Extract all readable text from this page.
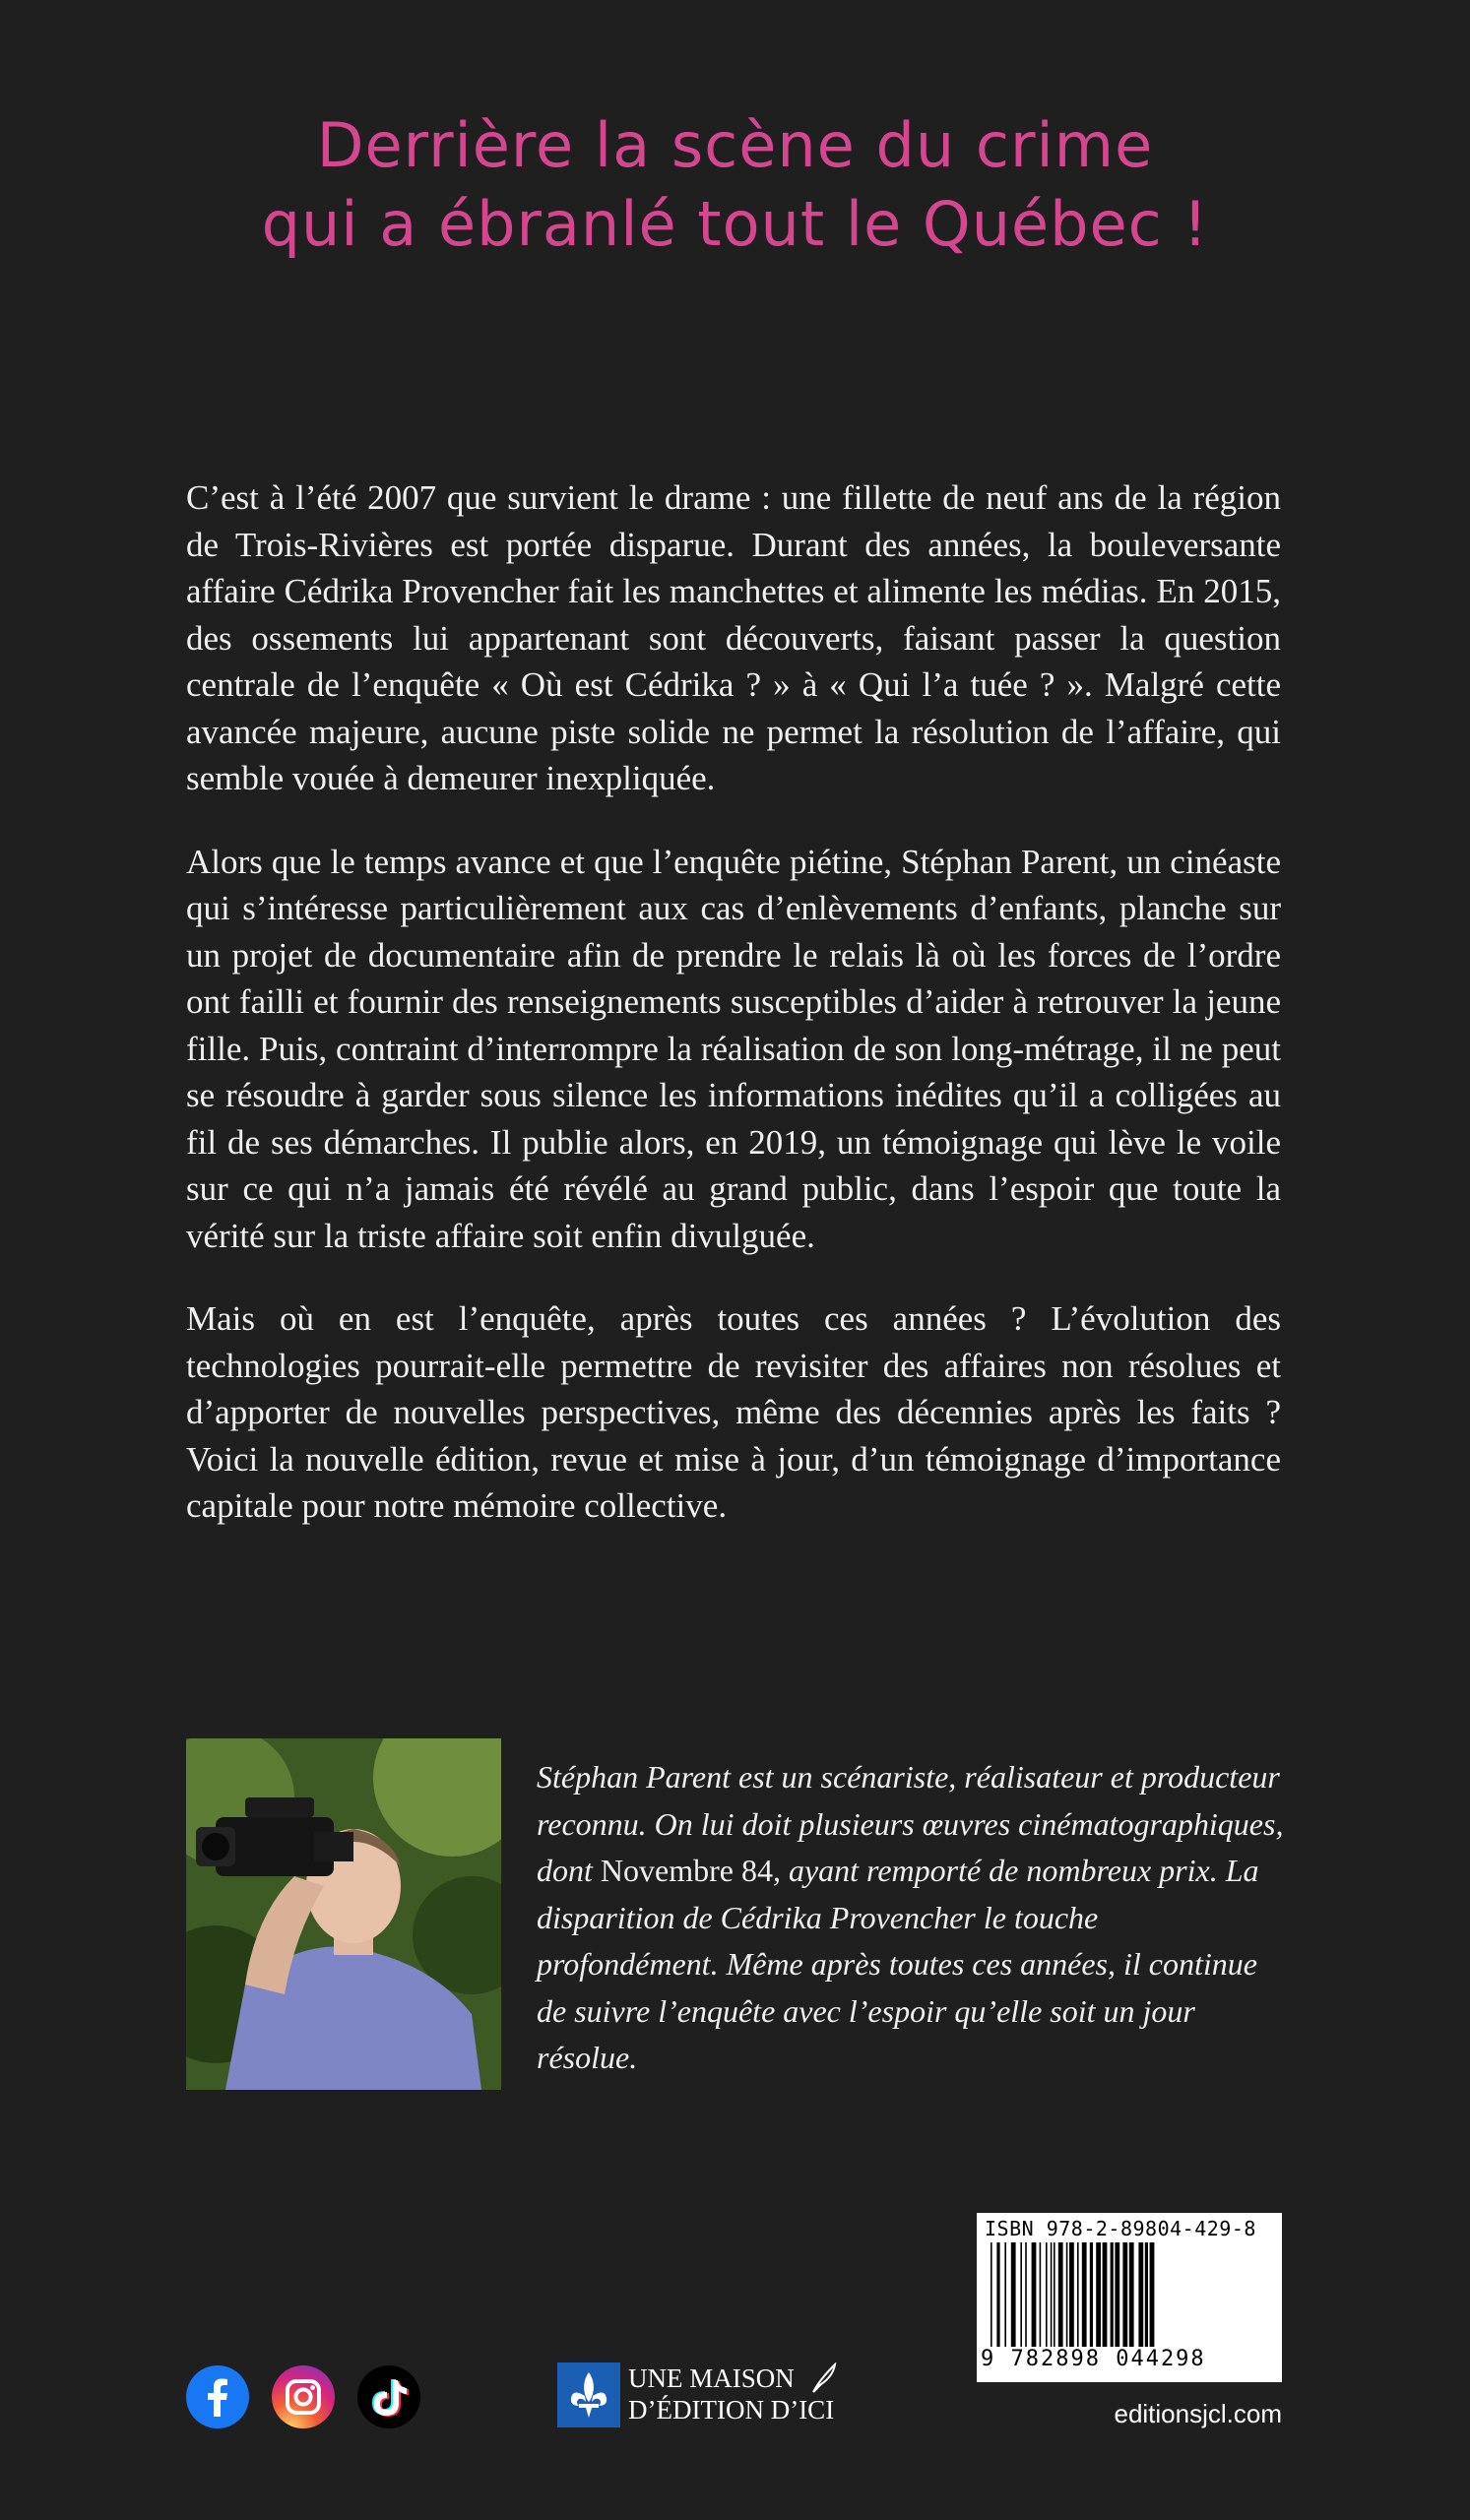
Derrière la scène du crime
qui a ébranlé tout le Québec !

C’est à l’été 2007 que survient le drame : une fillette de neuf ans de la région de Trois-Rivières est portée disparue. Durant des années, la bouleversante affaire Cédrika Provencher fait les manchettes et alimente les médias. En 2015, des ossements lui appartenant sont découverts, faisant passer la question centrale de l’enquête « Où est Cédrika ? » à « Qui l’a tuée ? ». Malgré cette avancée majeure, aucune piste solide ne permet la résolution de l’affaire, qui semble vouée à demeurer inexpliquée.

Alors que le temps avance et que l’enquête piétine, Stéphan Parent, un cinéaste qui s’intéresse particulièrement aux cas d’enlèvements d’enfants, planche sur un projet de documentaire afin de prendre le relais là où les forces de l’ordre ont failli et fournir des renseignements susceptibles d’aider à retrouver la jeune fille. Puis, contraint d’interrompre la réalisation de son long-métrage, il ne peut se résoudre à garder sous silence les informations inédites qu’il a colligées au fil de ses démarches. Il publie alors, en 2019, un témoignage qui lève le voile sur ce qui n’a jamais été révélé au grand public, dans l’espoir que toute la vérité sur la triste affaire soit enfin divulguée.

Mais où en est l’enquête, après toutes ces années ? L’évolution des technologies pourrait-elle permettre de revisiter des affaires non résolues et d’apporter de nouvelles perspectives, même des décennies après les faits ? Voici la nouvelle édition, revue et mise à jour, d’un témoignage d’importance capitale pour notre mémoire collective.

Stéphan Parent est un scénariste, réalisateur et producteur reconnu. On lui doit plusieurs œuvres cinématographiques, dont Novembre 84, ayant remporté de nombreux prix. La disparition de Cédrika Provencher le touche profondément. Même après toutes ces années, il continue de suivre l’enquête avec l’espoir qu’elle soit un jour résolue.
ISBN 978-2-89804-429-8
9 782898 044298
UNE MAISON
D’ÉDITION D’ICI	editionsjcl.com
